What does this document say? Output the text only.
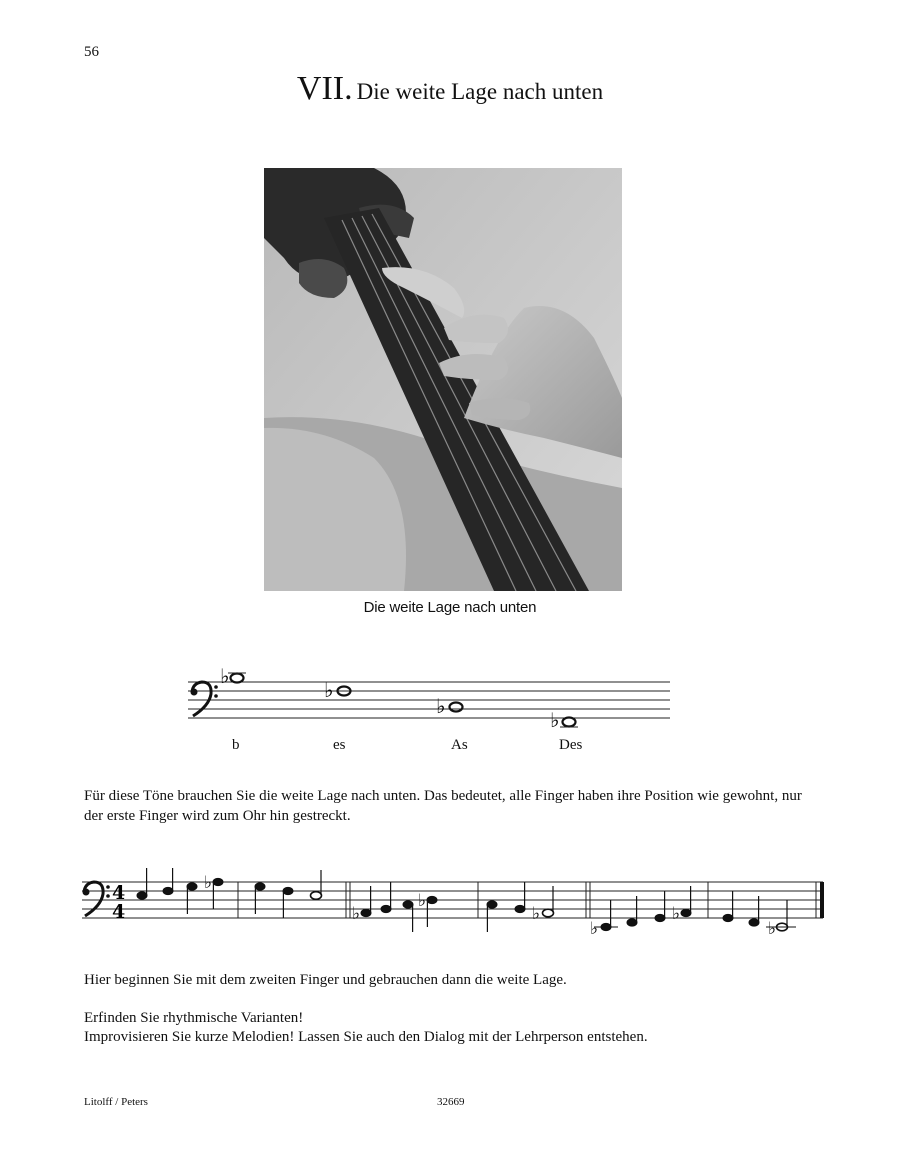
56
VII. Die weite Lage nach unten
Die weite Lage nach unten
♭
♭
♭
♭
b	es	As	Des
Für diese Töne brauchen Sie die weite Lage nach unten. Das bedeutet, alle Finger haben ihre Position wie gewohnt, nur der erste Finger wird zum Ohr hin gestreckt.
4
4
♭
♭
♭
♭
♭
♭
♭
Hier beginnen Sie mit dem zweiten Finger und gebrauchen dann die weite Lage.
Erfinden Sie rhythmische Varianten!
Improvisieren Sie kurze Melodien! Lassen Sie auch den Dialog mit der Lehrperson entstehen.
Litolff / Peters	32669
